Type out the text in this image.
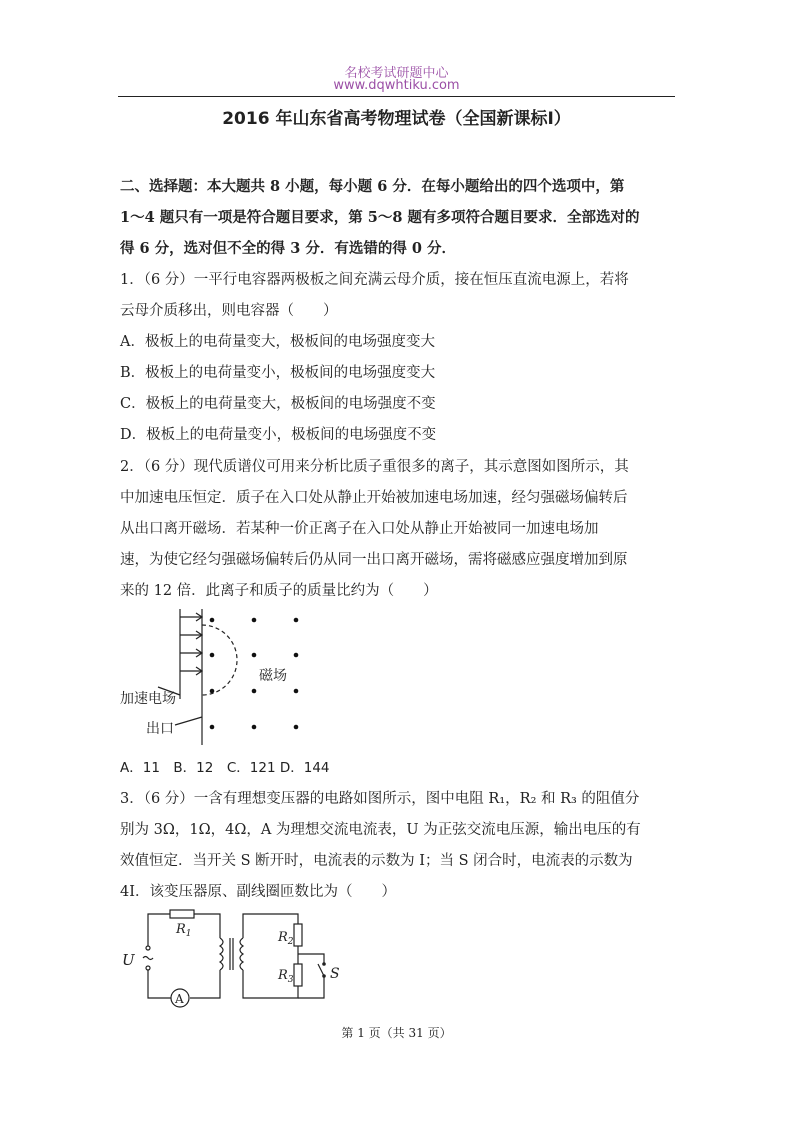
名校考试研题中心
www.dqwhtiku.com
2016 年山东省高考物理试卷（全国新课标Ⅰ）
二、选择题：本大题共 8 小题，每小题 6 分．在每小题给出的四个选项中，第
1～4 题只有一项是符合题目要求，第 5～8 题有多项符合题目要求．全部选对的
得 6 分，选对但不全的得 3 分．有选错的得 0 分．
1．（6 分）一平行电容器两极板之间充满云母介质，接在恒压直流电源上，若将
云母介质移出，则电容器（　　）
A．极板上的电荷量变大，极板间的电场强度变大
B．极板上的电荷量变小，极板间的电场强度变大
C．极板上的电荷量变大，极板间的电场强度不变
D．极板上的电荷量变小，极板间的电场强度不变
2．（6 分）现代质谱仪可用来分析比质子重很多的离子，其示意图如图所示，其
中加速电压恒定．质子在入口处从静止开始被加速电场加速，经匀强磁场偏转后
从出口离开磁场．若某种一价正离子在入口处从静止开始被同一加速电场加
速，为使它经匀强磁场偏转后仍从同一出口离开磁场，需将磁感应强度增加到原
来的 12 倍．此离子和质子的质量比约为（　　）
磁场
加速电场
出口
A．11　B．12　C．121 D．144
3．（6 分）一含有理想变压器的电路如图所示，图中电阻 R₁，R₂ 和 R₃ 的阻值分
别为 3Ω，1Ω，4Ω，A 为理想交流电流表，U 为正弦交流电压源，输出电压的有
效值恒定．当开关 S 断开时，电流表的示数为 I；当 S 闭合时，电流表的示数为
4I．该变压器原、副线圈匝数比为（　　）
$R_1$	$R_2$
$R_3$
U
S
A
第 1 页（共 31 页）
